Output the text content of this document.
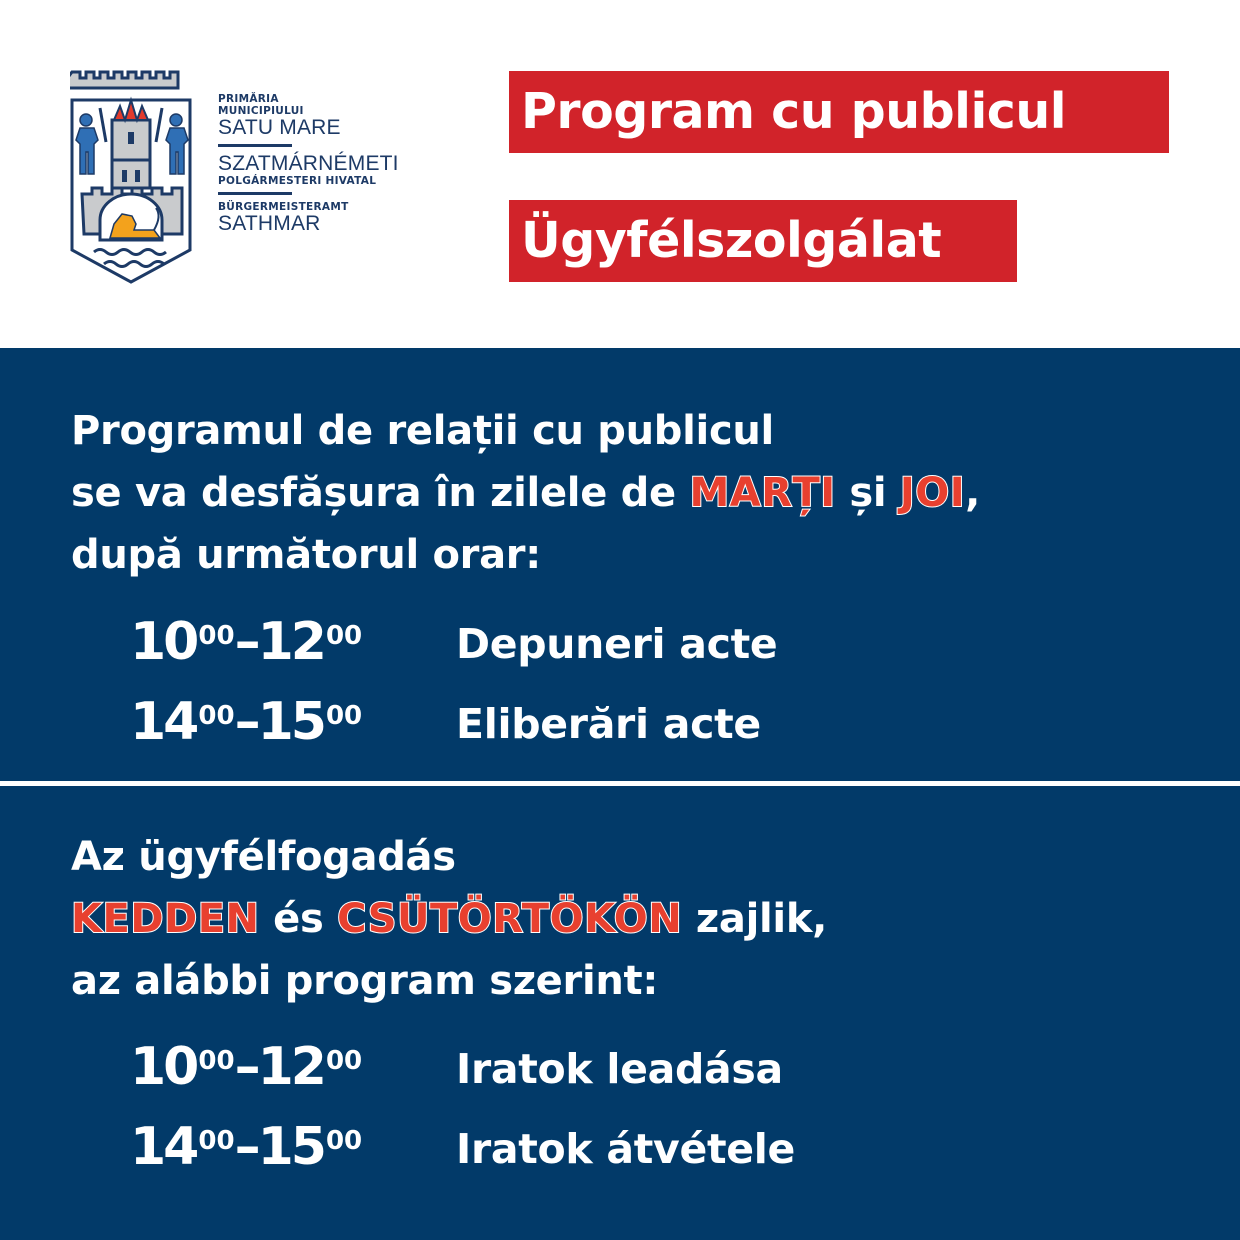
PRIMĂRIA
MUNICIPIULUI
SATU MARE
SZATMÁRNÉMETI
POLGÁRMESTERI HIVATAL
BÜRGERMEISTERAMT
SATHMAR
Program cu publicul
Ügyfélszolgálat
Programul de relații cu publicul
se va desfășura în zilele de MARȚI și JOI,
după următorul orar:
$10^{00}-12^{00}$ Depuneri acte
$14^{00}-15^{00}$ Eliberări acte
Az ügyfélfogadás
KEDDEN és CSÜTÖRTÖKÖN zajlik,
az alábbi program szerint:
$10^{00}-12^{00}$ Iratok leadása
$14^{00}-15^{00}$ Iratok átvétele
